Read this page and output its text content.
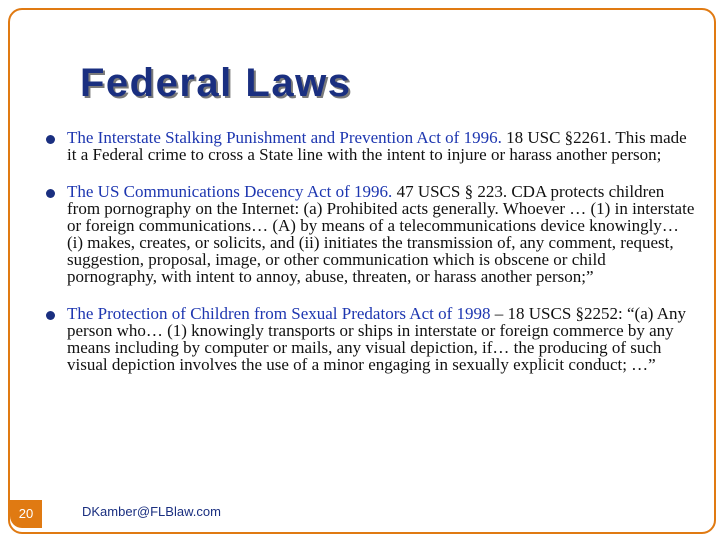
Federal Laws
The Interstate Stalking Punishment and Prevention Act of 1996. 18 USC §2261. This made it a Federal crime to cross a State line with the intent to injure or harass another person;
The US Communications Decency Act of 1996. 47 USCS § 223. CDA protects children from pornography on the Internet: (a) Prohibited acts generally. Whoever … (1) in interstate or foreign communications… (A) by means of a telecommunications device knowingly… (i) makes, creates, or solicits, and (ii) initiates the transmission of, any comment, request, suggestion, proposal, image, or other communication which is obscene or child pornography, with intent to annoy, abuse, threaten, or harass another person;”
The Protection of Children from Sexual Predators Act of 1998 – 18 USCS §2252: “(a) Any person who… (1) knowingly transports or ships in interstate or foreign commerce by any means including by computer or mails, any visual depiction, if… the producing of such visual depiction involves the use of a minor engaging in sexually explicit conduct; …”
20	DKamber@FLBlaw.com
